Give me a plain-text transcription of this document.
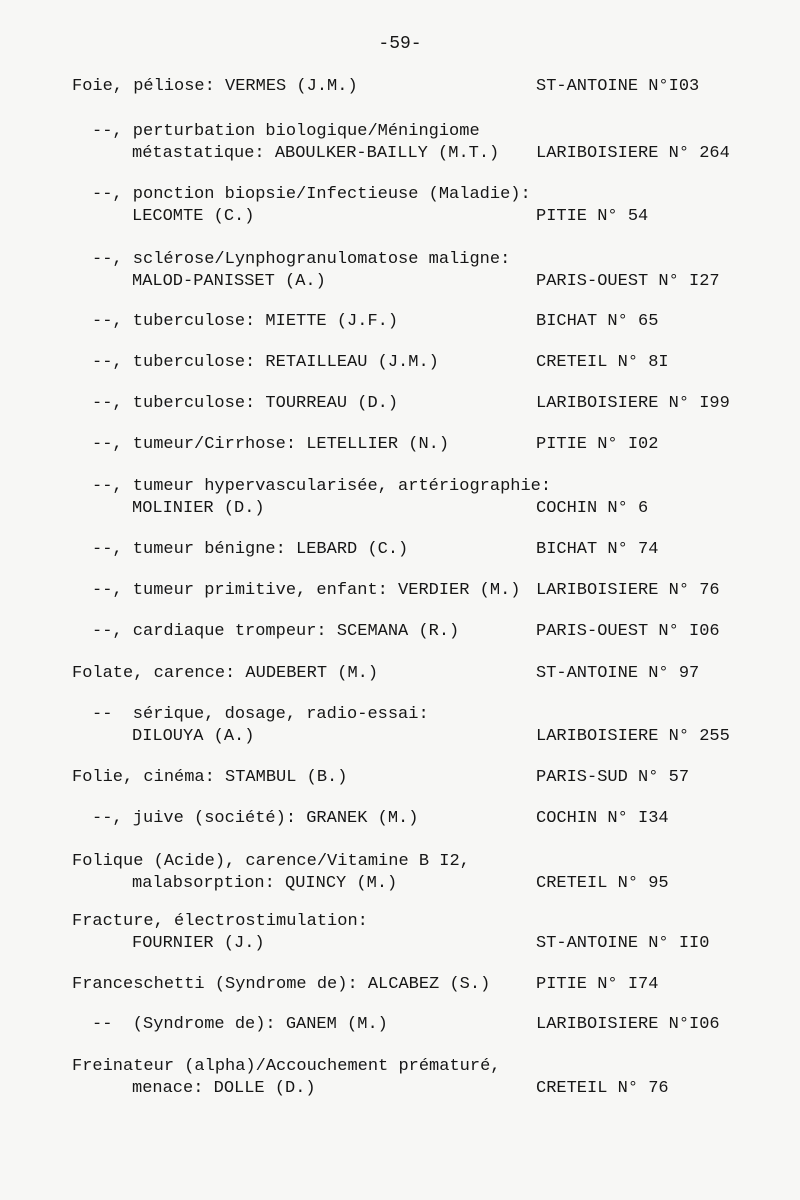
-59-
Foie, péliose: VERMES (J.M.)	ST-ANTOINE N°I03
--, perturbation biologique/Méningiome
métastatique: ABOULKER-BAILLY (M.T.) LARIBOISIERE N° 264
--, ponction biopsie/Infectieuse (Maladie):
LECOMTE (C.)	PITIE N° 54
--, sclérose/Lynphogranulomatose maligne:
MALOD-PANISSET (A.)	PARIS-OUEST N° I27
--, tuberculose: MIETTE (J.F.)	BICHAT N° 65
--, tuberculose: RETAILLEAU (J.M.)	CRETEIL N° 8I
--, tuberculose: TOURREAU (D.)	LARIBOISIERE N° I99
--, tumeur/Cirrhose: LETELLIER (N.)	PITIE N° I02
--, tumeur hypervascularisée, artériographie:
MOLINIER (D.)	COCHIN N° 6
--, tumeur bénigne: LEBARD (C.)	BICHAT N° 74
--, tumeur primitive, enfant: VERDIER (M.) LARIBOISIERE N° 76
--, cardiaque trompeur: SCEMANA (R.)	PARIS-OUEST N° I06
Folate, carence: AUDEBERT (M.)	ST-ANTOINE N° 97
--  sérique, dosage, radio-essai:
DILOUYA (A.)	LARIBOISIERE N° 255
Folie, cinéma: STAMBUL (B.)	PARIS-SUD N° 57
--, juive (société): GRANEK (M.)	COCHIN N° I34
Folique (Acide), carence/Vitamine B I2,
malabsorption: QUINCY (M.)	CRETEIL N° 95
Fracture, électrostimulation:
FOURNIER (J.)	ST-ANTOINE N° II0
Franceschetti (Syndrome de): ALCABEZ (S.)	PITIE N° I74
--  (Syndrome de): GANEM (M.)	LARIBOISIERE N°I06
Freinateur (alpha)/Accouchement prématuré,
menace: DOLLE (D.)	CRETEIL N° 76
